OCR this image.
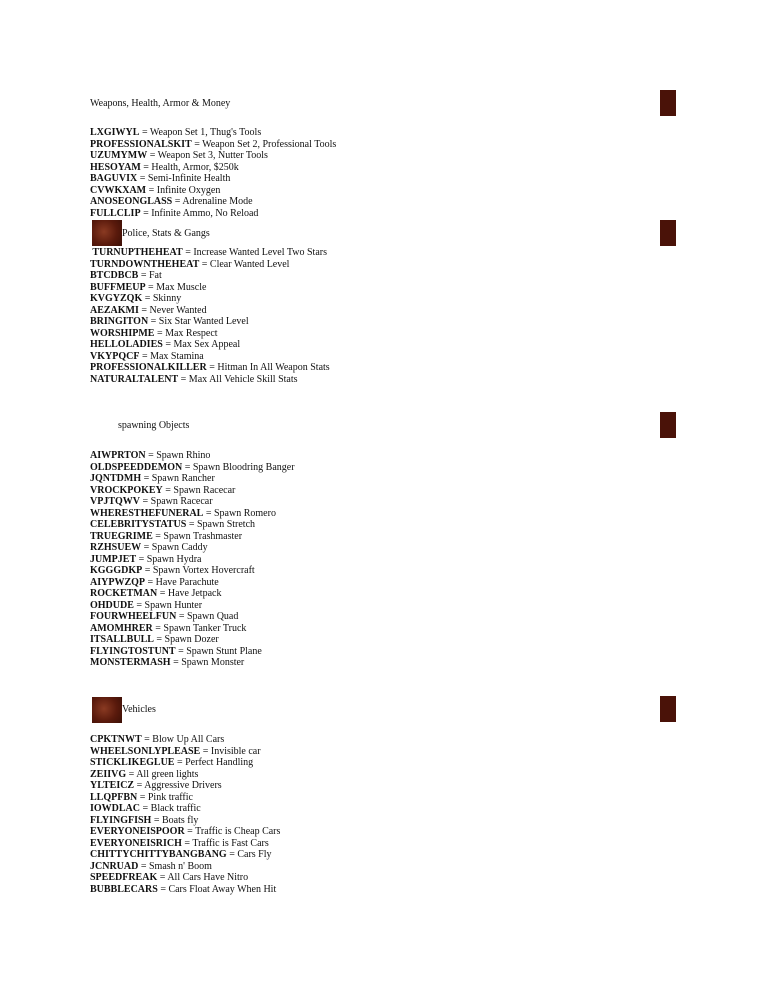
Weapons, Health, Armor & Money
LXGIWYL = Weapon Set 1, Thug's Tools
PROFESSIONALSKIT = Weapon Set 2, Professional Tools
UZUMYMW = Weapon Set 3, Nutter Tools
HESOYAM = Health, Armor, $250k
BAGUVIX = Semi-Infinite Health
CVWKXAM = Infinite Oxygen
ANOSEONGLASS = Adrenaline Mode
FULLCLIP = Infinite Ammo, No Reload
Police, Stats & Gangs
TURNUPTHEHEAT = Increase Wanted Level Two Stars
TURNDOWNTHEHEAT = Clear Wanted Level
BTCDBCB = Fat
BUFFMEUP = Max Muscle
KVGYZQK = Skinny
AEZAKMI = Never Wanted
BRINGITON = Six Star Wanted Level
WORSHIPME = Max Respect
HELLOLADIES = Max Sex Appeal
VKYPQCF = Max Stamina
PROFESSIONALKILLER = Hitman In All Weapon Stats
NATURALTALENT = Max All Vehicle Skill Stats
spawning Objects
AIWPRTON = Spawn Rhino
OLDSPEEDDEMON = Spawn Bloodring Banger
JQNTDMH = Spawn Rancher
VROCKPOKEY = Spawn Racecar
VPJTQWV = Spawn Racecar
WHERESTHEFUNERAL = Spawn Romero
CELEBRITYSTATUS = Spawn Stretch
TRUEGRIME = Spawn Trashmaster
RZHSUEW = Spawn Caddy
JUMPJET = Spawn Hydra
KGGGDKP = Spawn Vortex Hovercraft
AIYPWZQP = Have Parachute
ROCKETMAN = Have Jetpack
OHDUDE = Spawn Hunter
FOURWHEELFUN = Spawn Quad
AMOMHRER = Spawn Tanker Truck
ITSALLBULL = Spawn Dozer
FLYINGTOSTUNT = Spawn Stunt Plane
MONSTERMASH = Spawn Monster
Vehicles
CPKTNWT = Blow Up All Cars
WHEELSONLYPLEASE = Invisible car
STICKLIKEGLUE = Perfect Handling
ZEIIVG = All green lights
YLTEICZ = Aggressive Drivers
LLQPFBN = Pink traffic
IOWDLAC = Black traffic
FLYINGFISH = Boats fly
EVERYONEISPOOR = Traffic is Cheap Cars
EVERYONEISRICH = Traffic is Fast Cars
CHITTYCHITTYBANGBANG = Cars Fly
JCNRUAD = Smash n' Boom
SPEEDFREAK = All Cars Have Nitro
BUBBLECARS = Cars Float Away When Hit
